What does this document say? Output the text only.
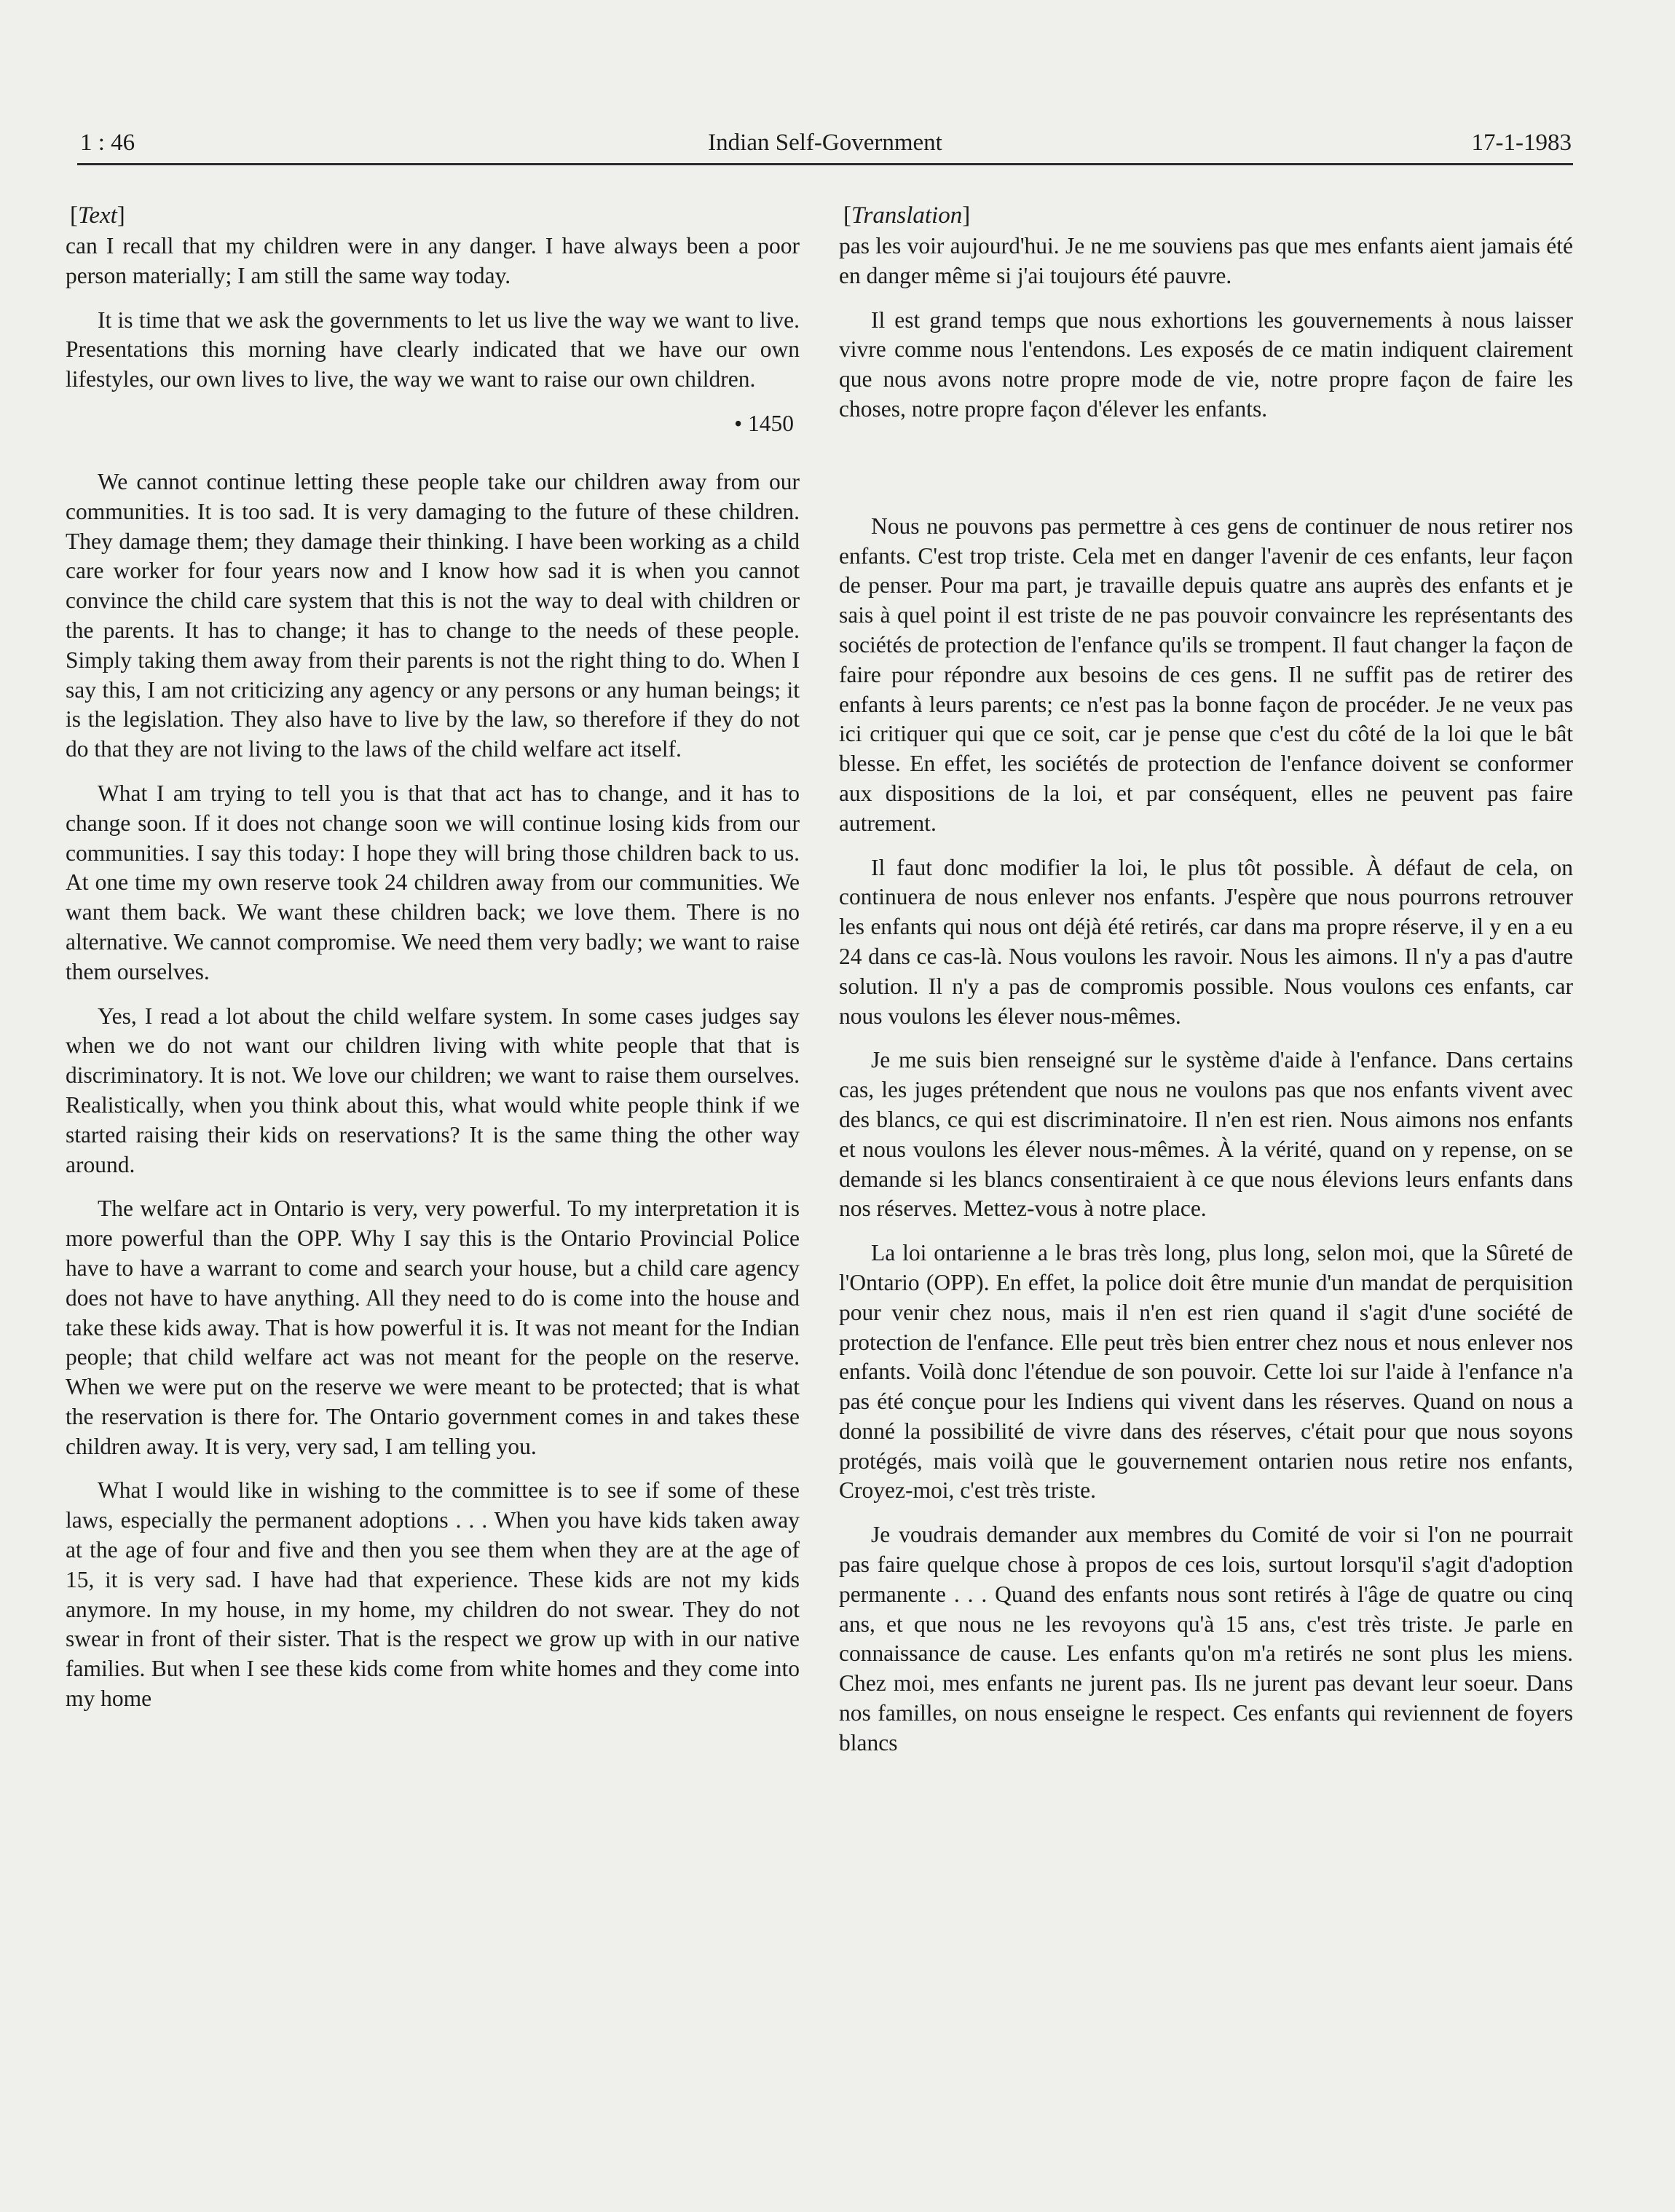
1 : 46	Indian Self-Government	17-1-1983
[Text]

can I recall that my children were in any danger. I have always been a poor person materially; I am still the same way today.

It is time that we ask the governments to let us live the way we want to live. Presentations this morning have clearly indicated that we have our own lifestyles, our own lives to live, the way we want to raise our own children.

• 1450

We cannot continue letting these people take our children away from our communities. It is too sad. It is very damaging to the future of these children. They damage them; they damage their thinking. I have been working as a child care worker for four years now and I know how sad it is when you cannot convince the child care system that this is not the way to deal with children or the parents. It has to change; it has to change to the needs of these people. Simply taking them away from their parents is not the right thing to do. When I say this, I am not criticizing any agency or any persons or any human beings; it is the legislation. They also have to live by the law, so therefore if they do not do that they are not living to the laws of the child welfare act itself.

What I am trying to tell you is that that act has to change, and it has to change soon. If it does not change soon we will continue losing kids from our communities. I say this today: I hope they will bring those children back to us. At one time my own reserve took 24 children away from our communities. We want them back. We want these children back; we love them. There is no alternative. We cannot compromise. We need them very badly; we want to raise them ourselves.

Yes, I read a lot about the child welfare system. In some cases judges say when we do not want our children living with white people that that is discriminatory. It is not. We love our children; we want to raise them ourselves. Realistically, when you think about this, what would white people think if we started raising their kids on reservations? It is the same thing the other way around.

The welfare act in Ontario is very, very powerful. To my interpretation it is more powerful than the OPP. Why I say this is the Ontario Provincial Police have to have a warrant to come and search your house, but a child care agency does not have to have anything. All they need to do is come into the house and take these kids away. That is how powerful it is. It was not meant for the Indian people; that child welfare act was not meant for the people on the reserve. When we were put on the reserve we were meant to be protected; that is what the reservation is there for. The Ontario government comes in and takes these children away. It is very, very sad, I am telling you.

What I would like in wishing to the committee is to see if some of these laws, especially the permanent adoptions . . . When you have kids taken away at the age of four and five and then you see them when they are at the age of 15, it is very sad. I have had that experience. These kids are not my kids anymore. In my house, in my home, my children do not swear. They do not swear in front of their sister. That is the respect we grow up with in our native families. But when I see these kids come from white homes and they come into my home

[Translation]

pas les voir aujourd'hui. Je ne me souviens pas que mes enfants aient jamais été en danger même si j'ai toujours été pauvre.

Il est grand temps que nous exhortions les gouvernements à nous laisser vivre comme nous l'entendons. Les exposés de ce matin indiquent clairement que nous avons notre propre mode de vie, notre propre façon de faire les choses, notre propre façon d'élever les enfants.

Nous ne pouvons pas permettre à ces gens de continuer de nous retirer nos enfants. C'est trop triste. Cela met en danger l'avenir de ces enfants, leur façon de penser. Pour ma part, je travaille depuis quatre ans auprès des enfants et je sais à quel point il est triste de ne pas pouvoir convaincre les représentants des sociétés de protection de l'enfance qu'ils se trompent. Il faut changer la façon de faire pour répondre aux besoins de ces gens. Il ne suffit pas de retirer des enfants à leurs parents; ce n'est pas la bonne façon de procéder. Je ne veux pas ici critiquer qui que ce soit, car je pense que c'est du côté de la loi que le bât blesse. En effet, les sociétés de protection de l'enfance doivent se conformer aux dispositions de la loi, et par conséquent, elles ne peuvent pas faire autrement.

Il faut donc modifier la loi, le plus tôt possible. À défaut de cela, on continuera de nous enlever nos enfants. J'espère que nous pourrons retrouver les enfants qui nous ont déjà été retirés, car dans ma propre réserve, il y en a eu 24 dans ce cas-là. Nous voulons les ravoir. Nous les aimons. Il n'y a pas d'autre solution. Il n'y a pas de compromis possible. Nous voulons ces enfants, car nous voulons les élever nous-mêmes.

Je me suis bien renseigné sur le système d'aide à l'enfance. Dans certains cas, les juges prétendent que nous ne voulons pas que nos enfants vivent avec des blancs, ce qui est discriminatoire. Il n'en est rien. Nous aimons nos enfants et nous voulons les élever nous-mêmes. À la vérité, quand on y repense, on se demande si les blancs consentiraient à ce que nous élevions leurs enfants dans nos réserves. Mettez-vous à notre place.

La loi ontarienne a le bras très long, plus long, selon moi, que la Sûreté de l'Ontario (OPP). En effet, la police doit être munie d'un mandat de perquisition pour venir chez nous, mais il n'en est rien quand il s'agit d'une société de protection de l'enfance. Elle peut très bien entrer chez nous et nous enlever nos enfants. Voilà donc l'étendue de son pouvoir. Cette loi sur l'aide à l'enfance n'a pas été conçue pour les Indiens qui vivent dans les réserves. Quand on nous a donné la possibilité de vivre dans des réserves, c'était pour que nous soyons protégés, mais voilà que le gouvernement ontarien nous retire nos enfants, Croyez-moi, c'est très triste.

Je voudrais demander aux membres du Comité de voir si l'on ne pourrait pas faire quelque chose à propos de ces lois, surtout lorsqu'il s'agit d'adoption permanente . . . Quand des enfants nous sont retirés à l'âge de quatre ou cinq ans, et que nous ne les revoyons qu'à 15 ans, c'est très triste. Je parle en connaissance de cause. Les enfants qu'on m'a retirés ne sont plus les miens. Chez moi, mes enfants ne jurent pas. Ils ne jurent pas devant leur soeur. Dans nos familles, on nous enseigne le respect. Ces enfants qui reviennent de foyers blancs
